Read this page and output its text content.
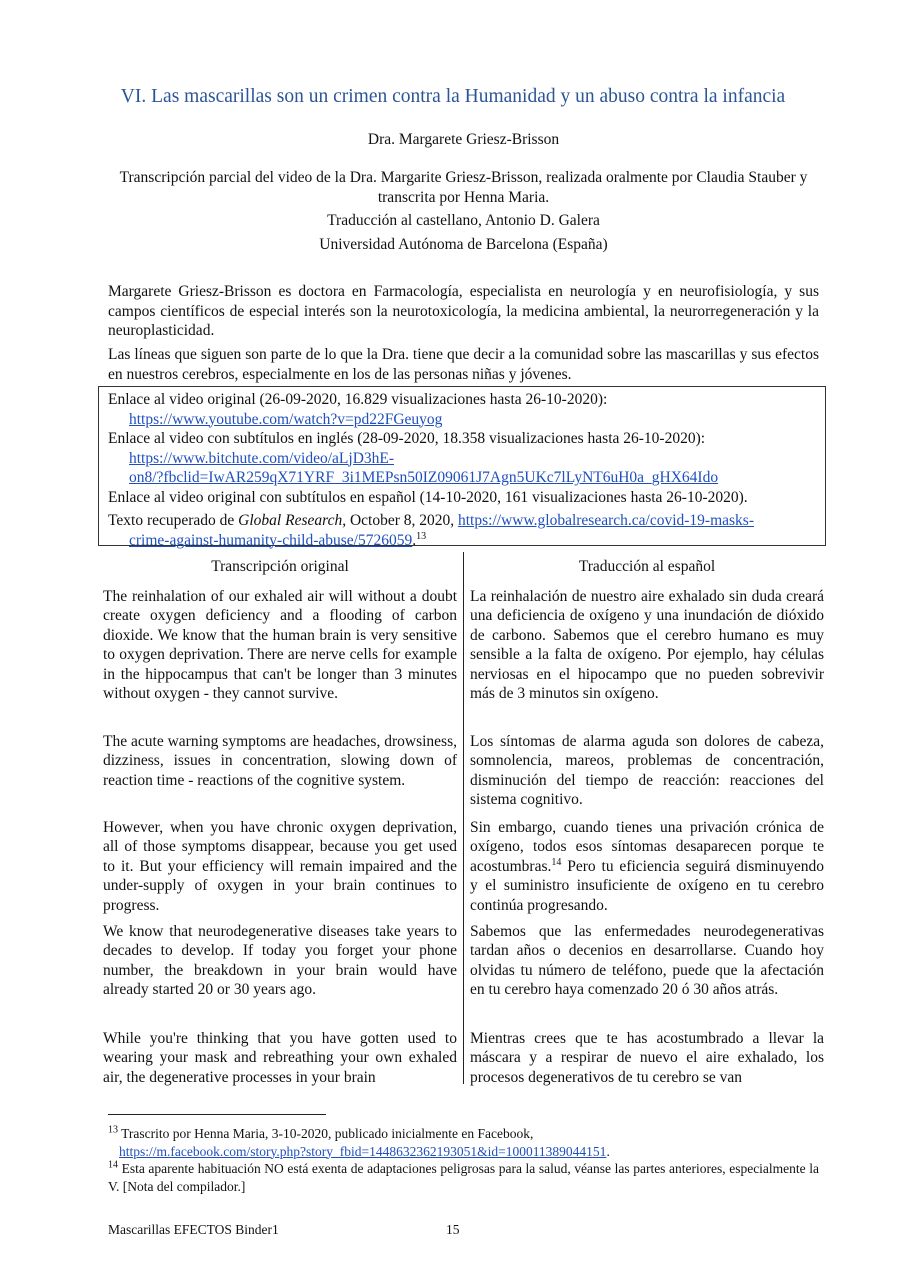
VI. Las mascarillas son un crimen contra la Humanidad y un abuso contra la infancia
Dra. Margarete Griesz-Brisson
Transcripción parcial del video de la Dra. Margarite Griesz-Brisson, realizada oralmente por Claudia Stauber y transcrita por Henna Maria.
Traducción al castellano, Antonio D. Galera
Universidad Autónoma de Barcelona (España)
Margarete Griesz-Brisson es doctora en Farmacología, especialista en neurología y en neurofisiología, y sus campos científicos de especial interés son la neurotoxicología, la medicina ambiental, la neurorregeneración y la neuroplasticidad.
Las líneas que siguen son parte de lo que la Dra. tiene que decir a la comunidad sobre las mascarillas y sus efectos en nuestros cerebros, especialmente en los de las personas niñas y jóvenes.
Enlace al video original (26-09-2020, 16.829 visualizaciones hasta 26-10-2020):
https://www.youtube.com/watch?v=pd22FGeuyog
Enlace al video con subtítulos en inglés (28-09-2020, 18.358 visualizaciones hasta 26-10-2020):
https://www.bitchute.com/video/aLjD3hE-
on8/?fbclid=IwAR259qX71YRF_3i1MEPsn50IZ09061J7Agn5UKc7lLyNT6uH0a_gHX64Ido
Enlace al video original con subtítulos en español (14-10-2020, 161 visualizaciones hasta 26-10-2020).
Texto recuperado de Global Research, October 8, 2020, https://www.globalresearch.ca/covid-19-masks-
crime-against-humanity-child-abuse/5726059.13
Transcripción original	Traducción al español
The reinhalation of our exhaled air will without a doubt create oxygen deficiency and a flooding of carbon dioxide. We know that the human brain is very sensitive to oxygen deprivation. There are nerve cells for example in the hippocampus that can't be longer than 3 minutes without oxygen - they cannot survive.
La reinhalación de nuestro aire exhalado sin duda creará una deficiencia de oxígeno y una inundación de dióxido de carbono. Sabemos que el cerebro humano es muy sensible a la falta de oxígeno. Por ejemplo, hay células nerviosas en el hipocampo que no pueden sobrevivir más de 3 minutos sin oxígeno.
The acute warning symptoms are headaches, drowsiness, dizziness, issues in concentration, slowing down of reaction time - reactions of the cognitive system.
Los síntomas de alarma aguda son dolores de cabeza, somnolencia, mareos, problemas de concentración, disminución del tiempo de reacción: reacciones del sistema cognitivo.
However, when you have chronic oxygen deprivation, all of those symptoms disappear, because you get used to it. But your efficiency will remain impaired and the under-supply of oxygen in your brain continues to progress.
Sin embargo, cuando tienes una privación crónica de oxígeno, todos esos síntomas desaparecen porque te acostumbras.$^{14}$ Pero tu eficiencia seguirá disminuyendo y el suministro insuficiente de oxígeno en tu cerebro continúa progresando.
We know that neurodegenerative diseases take years to decades to develop. If today you forget your phone number, the breakdown in your brain would have already started 20 or 30 years ago.
Sabemos que las enfermedades neurodegenerativas tardan años o decenios en desarrollarse. Cuando hoy olvidas tu número de teléfono, puede que la afectación en tu cerebro haya comenzado 20 ó 30 años atrás.
While you're thinking that you have gotten used to wearing your mask and rebreathing your own exhaled air, the degenerative processes in your brain
Mientras crees que te has acostumbrado a llevar la máscara y a respirar de nuevo el aire exhalado, los procesos degenerativos de tu cerebro se van
$^{13}$ Trascrito por Henna Maria, 3-10-2020, publicado inicialmente en Facebook,
https://m.facebook.com/story.php?story_fbid=1448632362193051&id=100011389044151.
$^{14}$ Esta aparente habituación NO está exenta de adaptaciones peligrosas para la salud, véanse las partes anteriores, especialmente la V. [Nota del compilador.]
Mascarillas EFECTOS Binder1	15
